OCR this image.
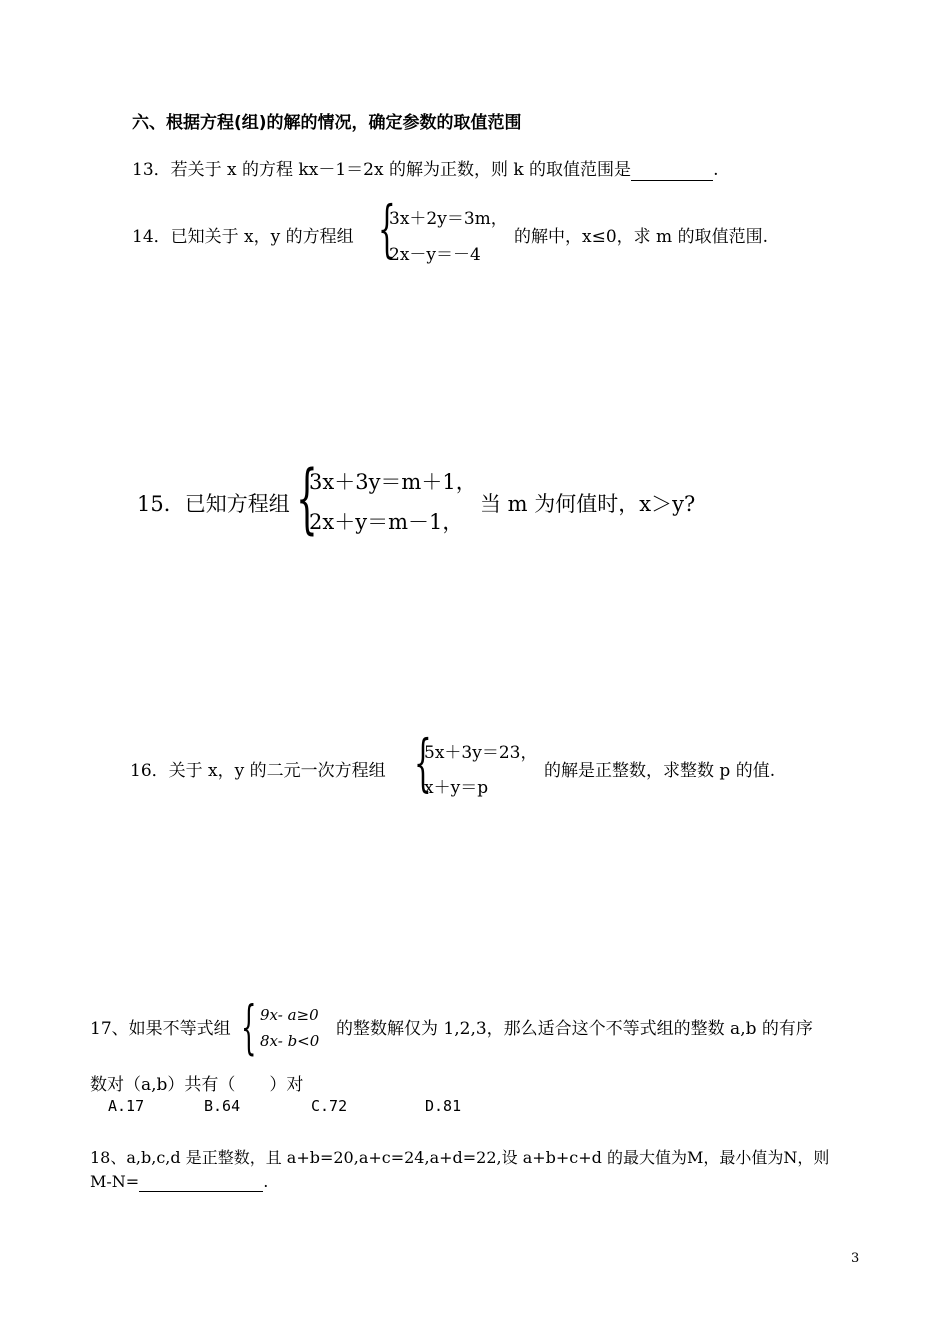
六、根据方程(组)的解的情况，确定参数的取值范围
13．若关于 x 的方程 kx－1＝2x 的解为正数，则 k 的取值范围是	.
14．已知关于 x，y 的方程组 {
3x＋2y＝3m，
2x－y＝－4
的解中，x≤0，求 m 的取值范围.
15．已知方程组 {
3x＋3y＝m＋1，
2x＋y＝m－1，
当 m 为何值时，x＞y?
16．关于 x，y 的二元一次方程组 {
5x＋3y＝23，
x＋y＝p
的解是正整数，求整数 p 的值.
17、如果不等式组 { 9x- a≥0
8x- b<0
的整数解仅为 1,2,3，那么适合这个不等式组的整数 a,b 的有序
数对（a,b）共有（　　）对
A.17	B.64	C.72	D.81
18、a,b,c,d 是正整数，且 a+b=20,a+c=24,a+d=22,设 a+b+c+d 的最大值为M，最小值为N，则
M-N=	.
3
